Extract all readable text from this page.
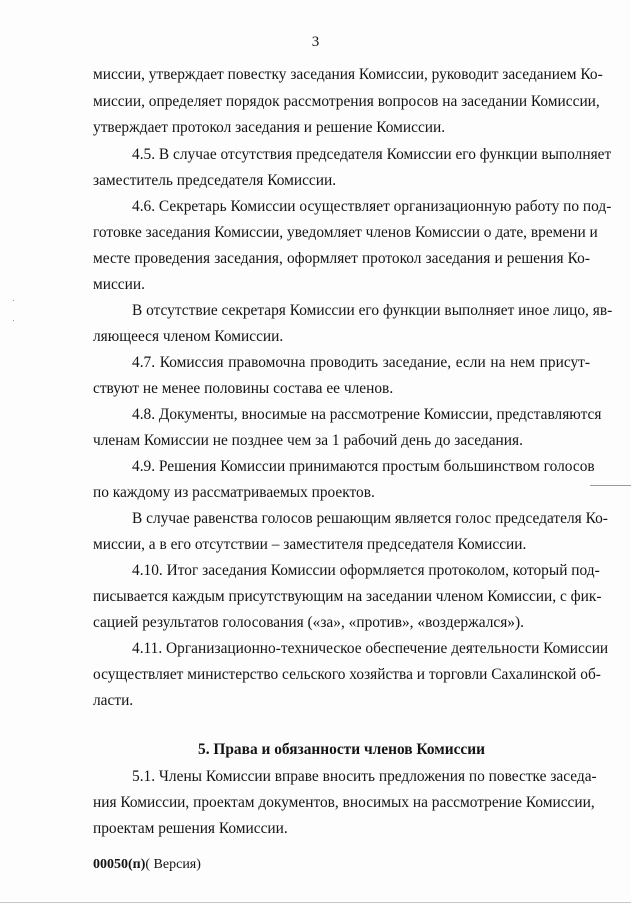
3
миссии, утверждает повестку заседания Комиссии, руководит заседанием Ко-
миссии, определяет порядок рассмотрения вопросов на заседании Комиссии,
утверждает протокол заседания и решение Комиссии.
4.5. В случае отсутствия председателя Комиссии его функции выполняет
заместитель председателя Комиссии.
4.6. Секретарь Комиссии осуществляет организационную работу по под-
готовке заседания Комиссии, уведомляет членов Комиссии о дате, времени и
месте проведения заседания, оформляет протокол заседания и решения Ко-
миссии.
В отсутствие секретаря Комиссии его функции выполняет иное лицо, яв-
ляющееся членом Комиссии.
4.7. Комиссия правомочна проводить заседание, если на нем присут-
ствуют не менее половины состава ее членов.
4.8. Документы, вносимые на рассмотрение Комиссии, представляются
членам Комиссии не позднее чем за 1 рабочий день до заседания.
4.9. Решения Комиссии принимаются простым большинством голосов
по каждому из рассматриваемых проектов.
В случае равенства голосов решающим является голос председателя Ко-
миссии, а в его отсутствии – заместителя председателя Комиссии.
4.10. Итог заседания Комиссии оформляется протоколом, который под-
писывается каждым присутствующим на заседании членом Комиссии, с фик-
сацией результатов голосования («за», «против», «воздержался»).
4.11. Организационно-техническое обеспечение деятельности Комиссии
осуществляет министерство сельского хозяйства и торговли Сахалинской об-
ласти.
5. Права и обязанности членов Комиссии
5.1. Члены Комиссии вправе вносить предложения по повестке заседа-
ния Комиссии, проектам документов, вносимых на рассмотрение Комиссии,
проектам решения Комиссии.
00050(п)( Версия)
